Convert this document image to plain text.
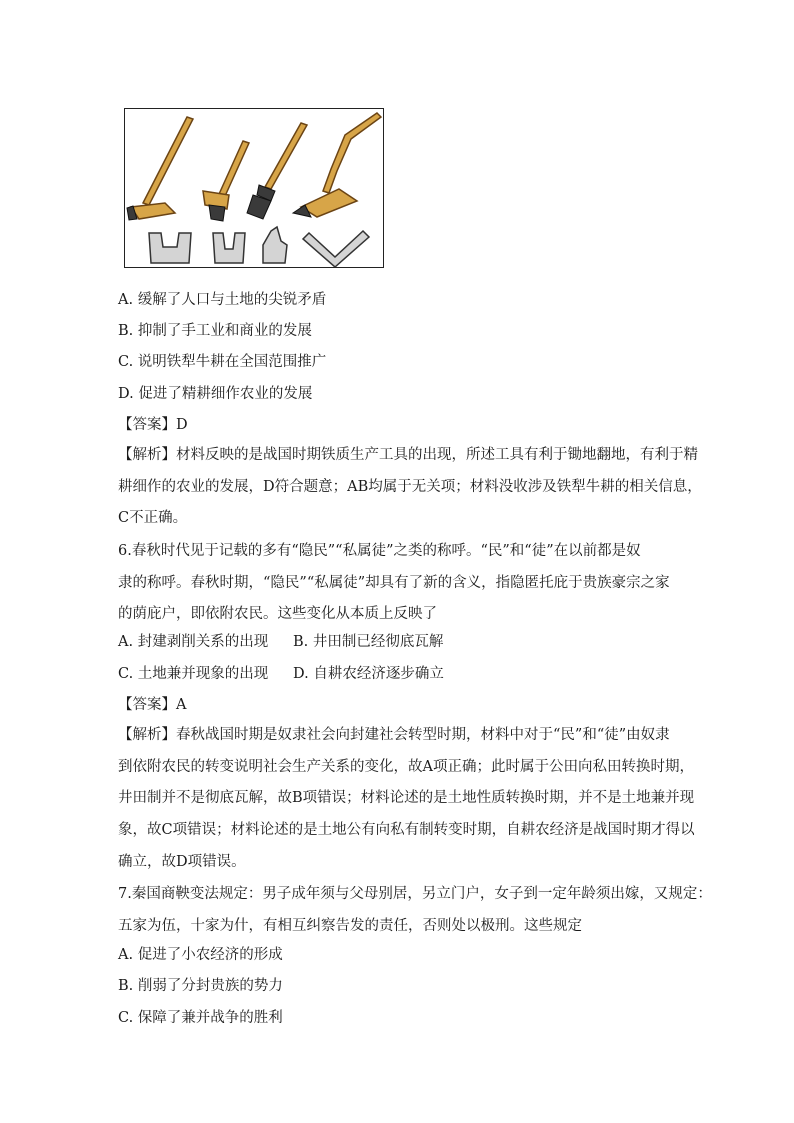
A. 缓解了人口与土地的尖锐矛盾
B. 抑制了手工业和商业的发展
C. 说明铁犁牛耕在全国范围推广
D. 促进了精耕细作农业的发展
【答案】D
【解析】材料反映的是战国时期铁质生产工具的出现，所述工具有利于锄地翻地，有利于精
耕细作的农业的发展，D符合题意；AB均属于无关项；材料没收涉及铁犁牛耕的相关信息，
C不正确。
6.春秋时代见于记载的多有“隐民”“私属徒”之类的称呼。“民”和“徒”在以前都是奴
隶的称呼。春秋时期，“隐民”“私属徒”却具有了新的含义，指隐匿托庇于贵族豪宗之家
的荫庇户，即依附农民。这些变化从本质上反映了
A. 封建剥削关系的出现 B. 井田制已经彻底瓦解
C. 土地兼并现象的出现 D. 自耕农经济逐步确立
【答案】A
【解析】春秋战国时期是奴隶社会向封建社会转型时期，材料中对于“民”和“徒”由奴隶
到依附农民的转变说明社会生产关系的变化，故A项正确；此时属于公田向私田转换时期，
井田制并不是彻底瓦解，故B项错误；材料论述的是土地性质转换时期，并不是土地兼并现
象，故C项错误；材料论述的是土地公有向私有制转变时期，自耕农经济是战国时期才得以
确立，故D项错误。
7.秦国商鞅变法规定：男子成年须与父母别居，另立门户，女子到一定年龄须出嫁，又规定：
五家为伍，十家为什，有相互纠察告发的责任，否则处以极刑。这些规定
A. 促进了小农经济的形成
B. 削弱了分封贵族的势力
C. 保障了兼并战争的胜利
